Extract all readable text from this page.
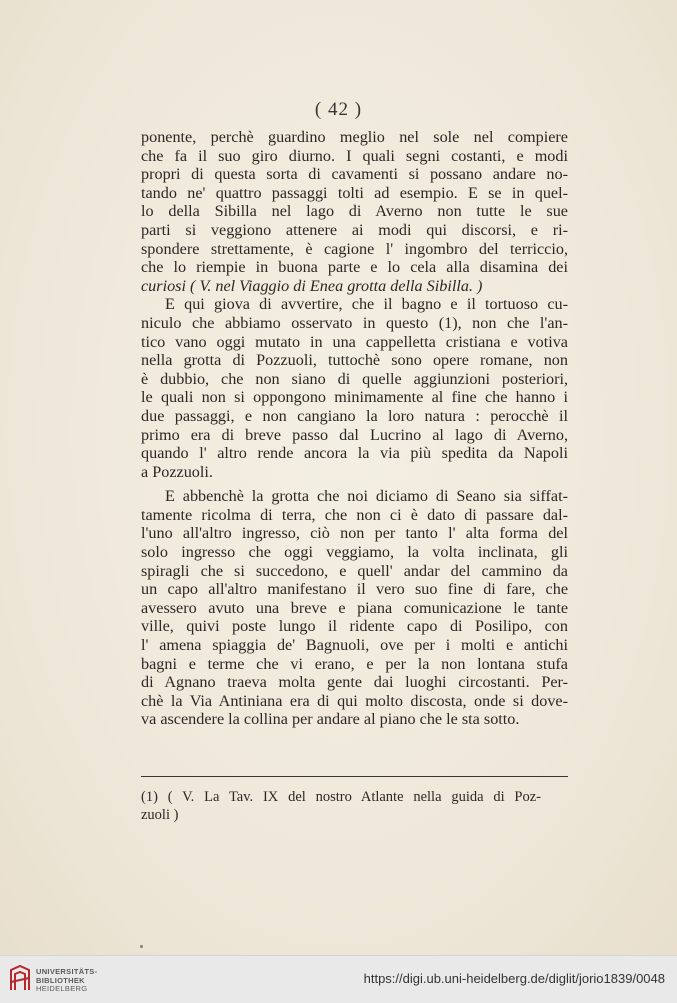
( 42 )
ponente, perchè guardino meglio nel sole nel compiere
che fa il suo giro diurno. I quali segni costanti, e modi
propri di questa sorta di cavamenti si possano andare no-
tando ne' quattro passaggi tolti ad esempio. E se in quel-
lo della Sibilla nel lago di Averno non tutte le sue
parti si veggiono attenere ai modi qui discorsi, e ri-
spondere strettamente, è cagione l' ingombro del terriccio,
che lo riempie in buona parte e lo cela alla disamina dei
curiosi ( V. nel Viaggio di Enea grotta della Sibilla. )
E qui giova di avvertire, che il bagno e il tortuoso cu-
niculo che abbiamo osservato in questo (1), non che l'an-
tico vano oggi mutato in una cappelletta cristiana e votiva
nella grotta di Pozzuoli, tuttochè sono opere romane, non
è dubbio, che non siano di quelle aggiunzioni posteriori,
le quali non si oppongono minimamente al fine che hanno i
due passaggi, e non cangiano la loro natura : perocchè il
primo era di breve passo dal Lucrino al lago di Averno,
quando l' altro rende ancora la via più spedita da Napoli
a Pozzuoli.
E abbenchè la grotta che noi diciamo di Seano sia siffat-
tamente ricolma di terra, che non ci è dato di passare dal-
l'uno all'altro ingresso, ciò non per tanto l' alta forma del
solo ingresso che oggi veggiamo, la volta inclinata, gli
spiragli che si succedono, e quell' andar del cammino da
un capo all'altro manifestano il vero suo fine di fare, che
avessero avuto una breve e piana comunicazione le tante
ville, quivi poste lungo il ridente capo di Posilipo, con
l' amena spiaggia de' Bagnuoli, ove per i molti e antichi
bagni e terme che vi erano, e per la non lontana stufa
di Agnano traeva molta gente dai luoghi circostanti. Per-
chè la Via Antiniana era di qui molto discosta, onde si dove-
va ascendere la collina per andare al piano che le sta sotto.
(1) ( V. La Tav. IX del nostro Atlante nella guida di Poz-
zuoli )
UNIVERSITÄTS-
BIBLIOTHEK
HEIDELBERG
https://digi.ub.uni-heidelberg.de/diglit/jorio1839/0048
